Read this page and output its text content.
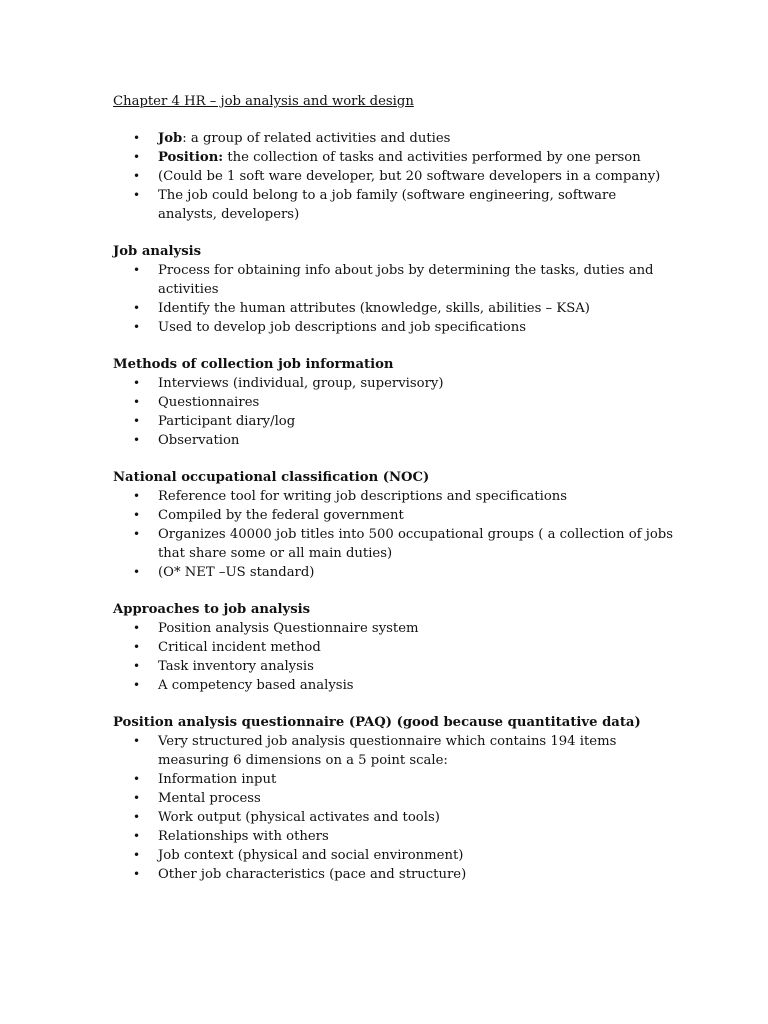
Chapter 4 HR – job analysis and work design
• Job: a group of related activities and duties
• Position: the collection of tasks and activities performed by one person
• (Could be 1 soft ware developer, but 20 software developers in a company)
• The job could belong to a job family (software engineering, software analysts, developers)
Job analysis
• Process for obtaining info about jobs by determining the tasks, duties and activities
• Identify the human attributes (knowledge, skills, abilities – KSA)
• Used to develop job descriptions and job specifications
Methods of collection job information
• Interviews (individual, group, supervisory)
• Questionnaires
• Participant diary/log
• Observation
National occupational classification (NOC)
• Reference tool for writing job descriptions and specifications
• Compiled by the federal government
• Organizes 40000 job titles into 500 occupational groups ( a collection of jobs that share some or all main duties)
• (O* NET –US standard)
Approaches to job analysis
• Position analysis Questionnaire system
• Critical incident method
• Task inventory analysis
• A competency based analysis
Position analysis questionnaire (PAQ) (good because quantitative data)
• Very structured job analysis questionnaire which contains 194 items measuring 6 dimensions on a 5 point scale:
• Information input
• Mental process
• Work output (physical activates and tools)
• Relationships with others
• Job context (physical and social environment)
• Other job characteristics (pace and structure)
